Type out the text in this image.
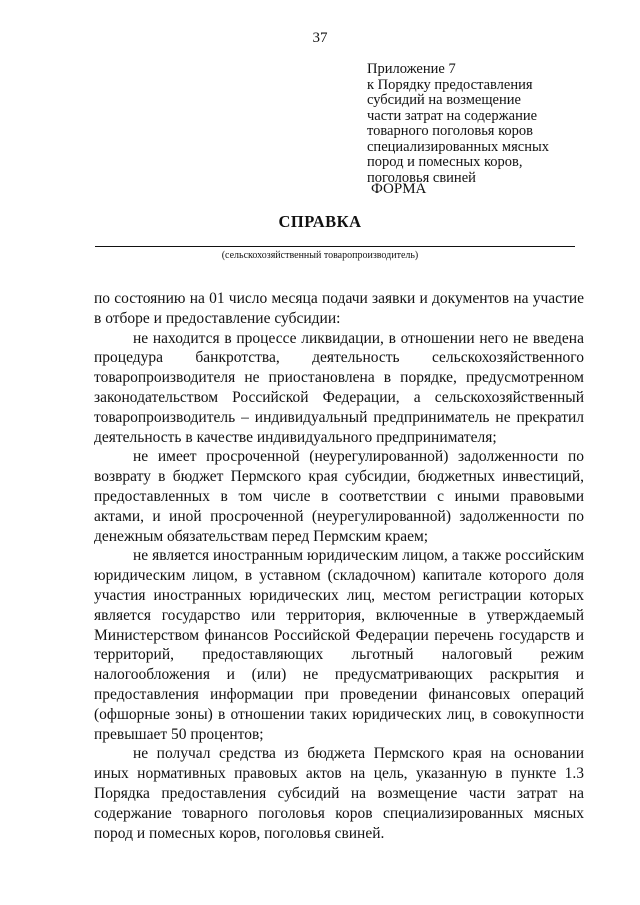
37
Приложение 7
к Порядку предоставления
субсидий на возмещение
части затрат на содержание
товарного поголовья коров
специализированных мясных
пород и помесных коров,
поголовья свиней
ФОРМА
СПРАВКА
(сельскохозяйственный товаропроизводитель)

по состоянию на 01 число месяца подачи заявки и документов на участие в отборе и предоставление субсидии:

не находится в процессе ликвидации, в отношении него не введена процедура банкротства, деятельность сельскохозяйственного товаропроизводителя не приостановлена в порядке, предусмотренном законодательством Российской Федерации, а сельскохозяйственный товаропроизводитель – индивидуальный предприниматель не прекратил деятельность в качестве индивидуального предпринимателя;

не имеет просроченной (неурегулированной) задолженности по возврату в бюджет Пермского края субсидии, бюджетных инвестиций, предоставленных в том числе в соответствии с иными правовыми актами, и иной просроченной (неурегулированной) задолженности по денежным обязательствам перед Пермским краем;

не является иностранным юридическим лицом, а также российским юридическим лицом, в уставном (складочном) капитале которого доля участия иностранных юридических лиц, местом регистрации которых является государство или территория, включенные в утверждаемый Министерством финансов Российской Федерации перечень государств и территорий, предоставляющих льготный налоговый режим налогообложения и (или) не предусматривающих раскрытия и предоставления информации при проведении финансовых операций (офшорные зоны) в отношении таких юридических лиц, в совокупности превышает 50 процентов;

не получал средства из бюджета Пермского края на основании иных нормативных правовых актов на цель, указанную в пункте 1.3 Порядка предоставления субсидий на возмещение части затрат на содержание товарного поголовья коров специализированных мясных пород и помесных коров, поголовья свиней.
